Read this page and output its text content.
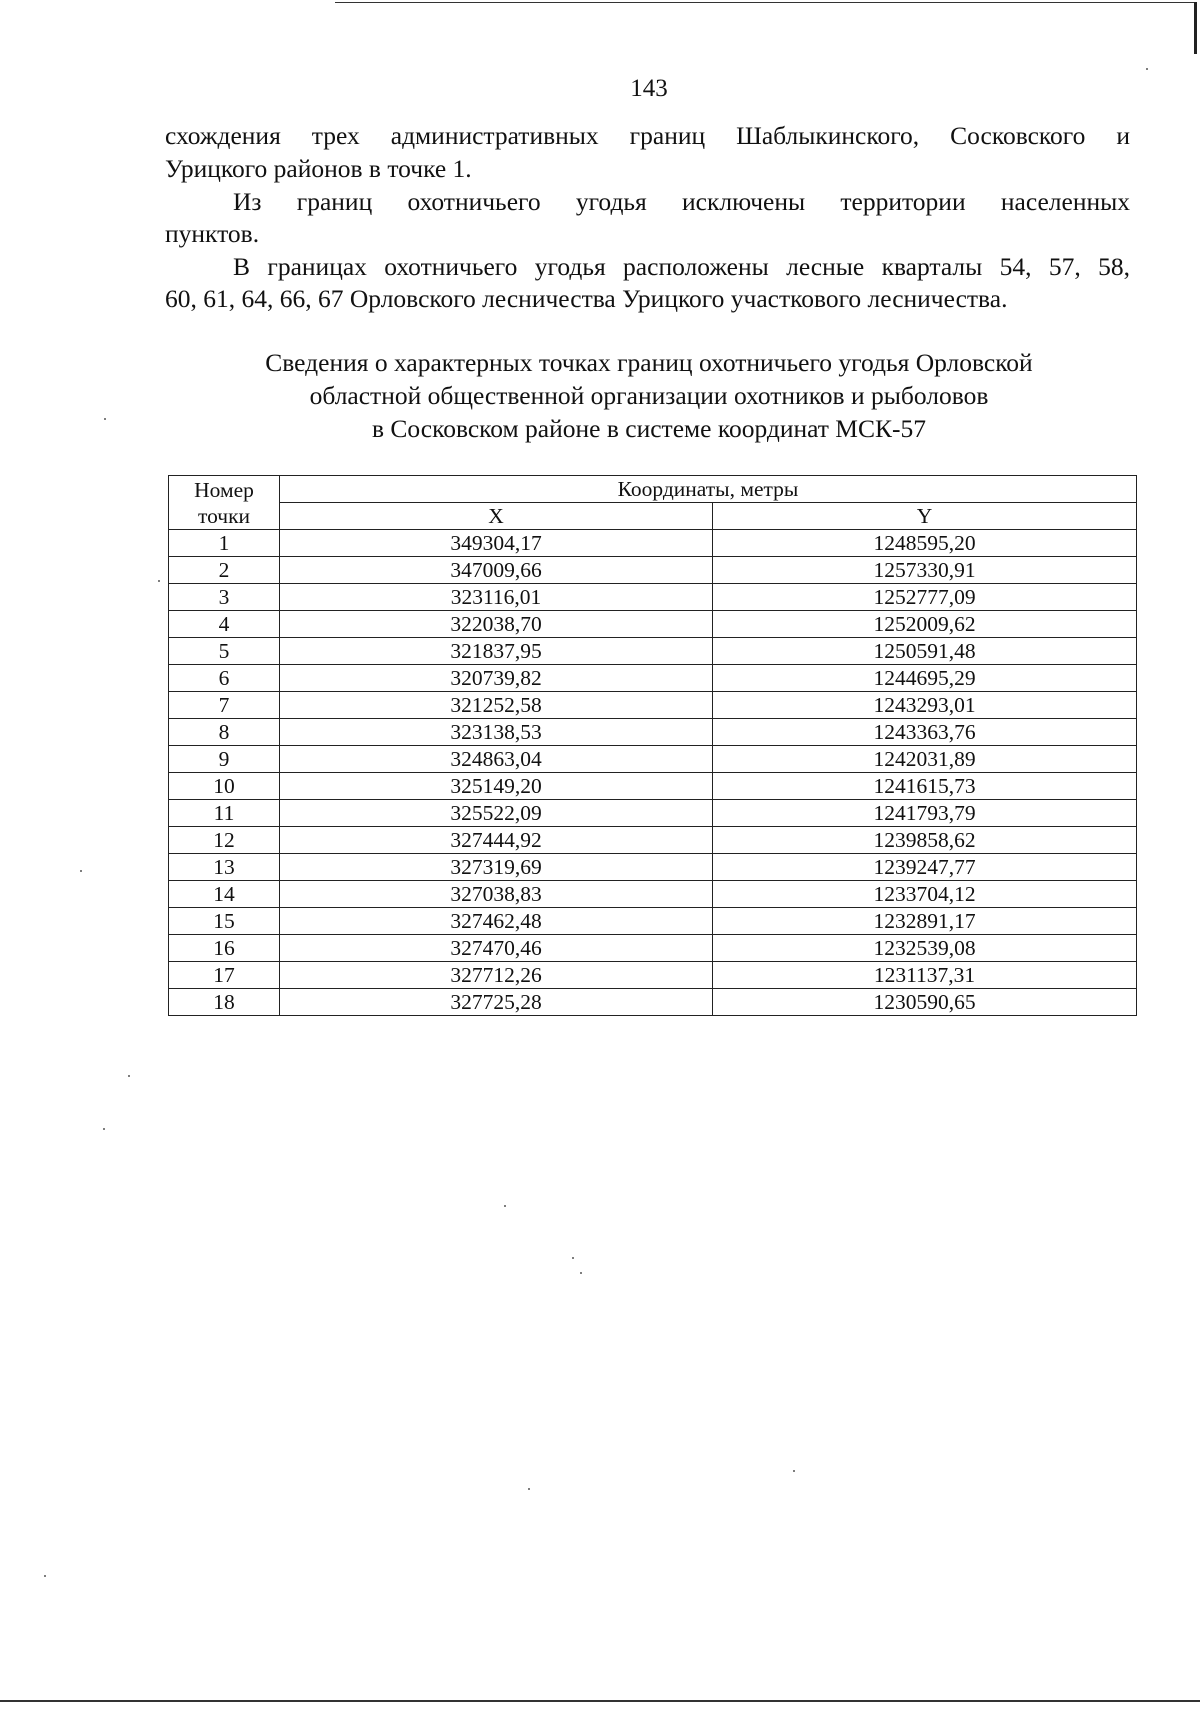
143
схождения трех административных границ Шаблыкинского, Сосковского и
Урицкого районов в точке 1.
Из границ охотничьего угодья исключены территории населенных
пунктов.
В границах охотничьего угодья расположены лесные кварталы 54, 57, 58,
60, 61, 64, 66, 67 Орловского лесничества Урицкого участкового лесничества.
Сведения о характерных точках границ охотничьего угодья Орловской
областной общественной организации охотников и рыболовов
в Сосковском районе в системе координат МСК-57
Номер
точки	Координаты, метры	
	X	Y
1	349304,17	1248595,20
2	347009,66	1257330,91
3	323116,01	1252777,09
4	322038,70	1252009,62
5	321837,95	1250591,48
6	320739,82	1244695,29
7	321252,58	1243293,01
8	323138,53	1243363,76
9	324863,04	1242031,89
10	325149,20	1241615,73
11	325522,09	1241793,79
12	327444,92	1239858,62
13	327319,69	1239247,77
14	327038,83	1233704,12
15	327462,48	1232891,17
16	327470,46	1232539,08
17	327712,26	1231137,31
18	327725,28	1230590,65
